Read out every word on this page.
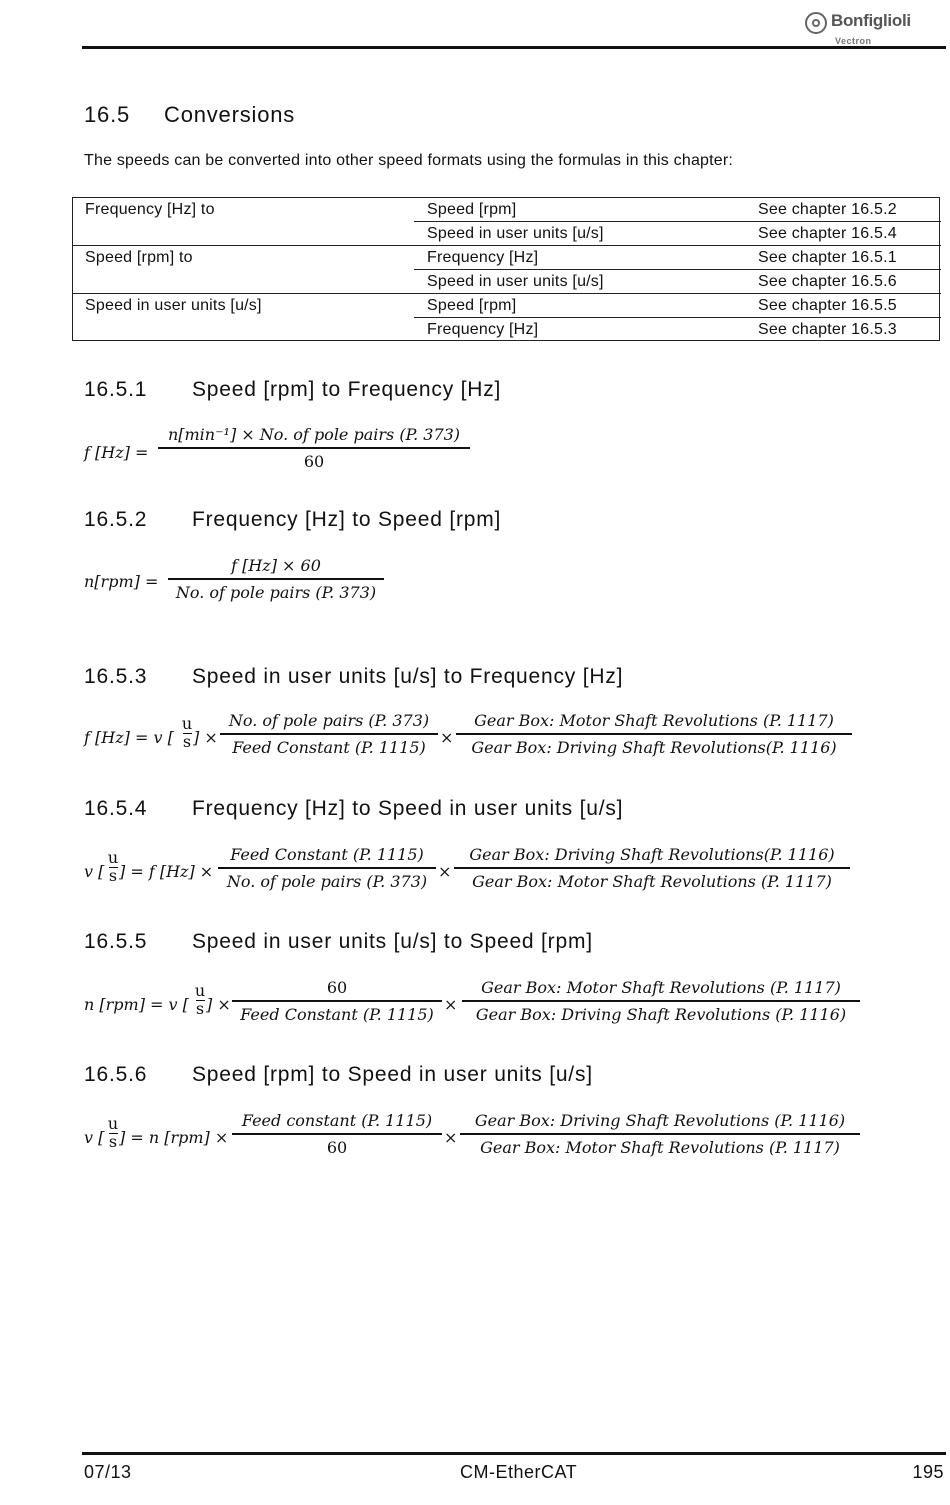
Bonfiglioli
Vectron
16.5 Conversions
The speeds can be converted into other speed formats using the formulas in this chapter:
Frequency [Hz] to	Speed [rpm]	See chapter 16.5.2
Speed in user units [u/s]	See chapter 16.5.4
Speed [rpm] to	Frequency [Hz]	See chapter 16.5.1
Speed in user units [u/s]	See chapter 16.5.6
Speed in user units [u/s]	Speed [rpm]	See chapter 16.5.5
Frequency [Hz]	See chapter 16.5.3
16.5.1 Speed [rpm] to Frequency [Hz]
f [Hz] =
n[min⁻¹] × No. of pole pairs (P. 373)
60
16.5.2 Frequency [Hz] to Speed [rpm]
n[rpm] =
f [Hz] × 60
No. of pole pairs (P. 373)
16.5.3 Speed in user units [u/s] to Frequency [Hz]
f [Hz] = v [
u
s ] ×
No. of pole pairs (P. 373)
Feed Constant (P. 1115) ×
Gear Box: Motor Shaft Revolutions (P. 1117)
Gear Box: Driving Shaft Revolutions(P. 1116)
16.5.4 Frequency [Hz] to Speed in user units [u/s]
v [
u
s ] = f [Hz] ×
Feed Constant (P. 1115)
No. of pole pairs (P. 373) ×
Gear Box: Driving Shaft Revolutions(P. 1116)
Gear Box: Motor Shaft Revolutions (P. 1117)
16.5.5 Speed in user units [u/s] to Speed [rpm]
n [rpm] = v [
u
s ] ×
60
Feed Constant (P. 1115) ×
Gear Box: Motor Shaft Revolutions (P. 1117)
Gear Box: Driving Shaft Revolutions (P. 1116)
16.5.6 Speed [rpm] to Speed in user units [u/s]
v [
u
s ] = n [rpm] ×
Feed constant (P. 1115)
60	×
Gear Box: Driving Shaft Revolutions (P. 1116)
Gear Box: Motor Shaft Revolutions (P. 1117)
07/13	CM-EtherCAT	195
